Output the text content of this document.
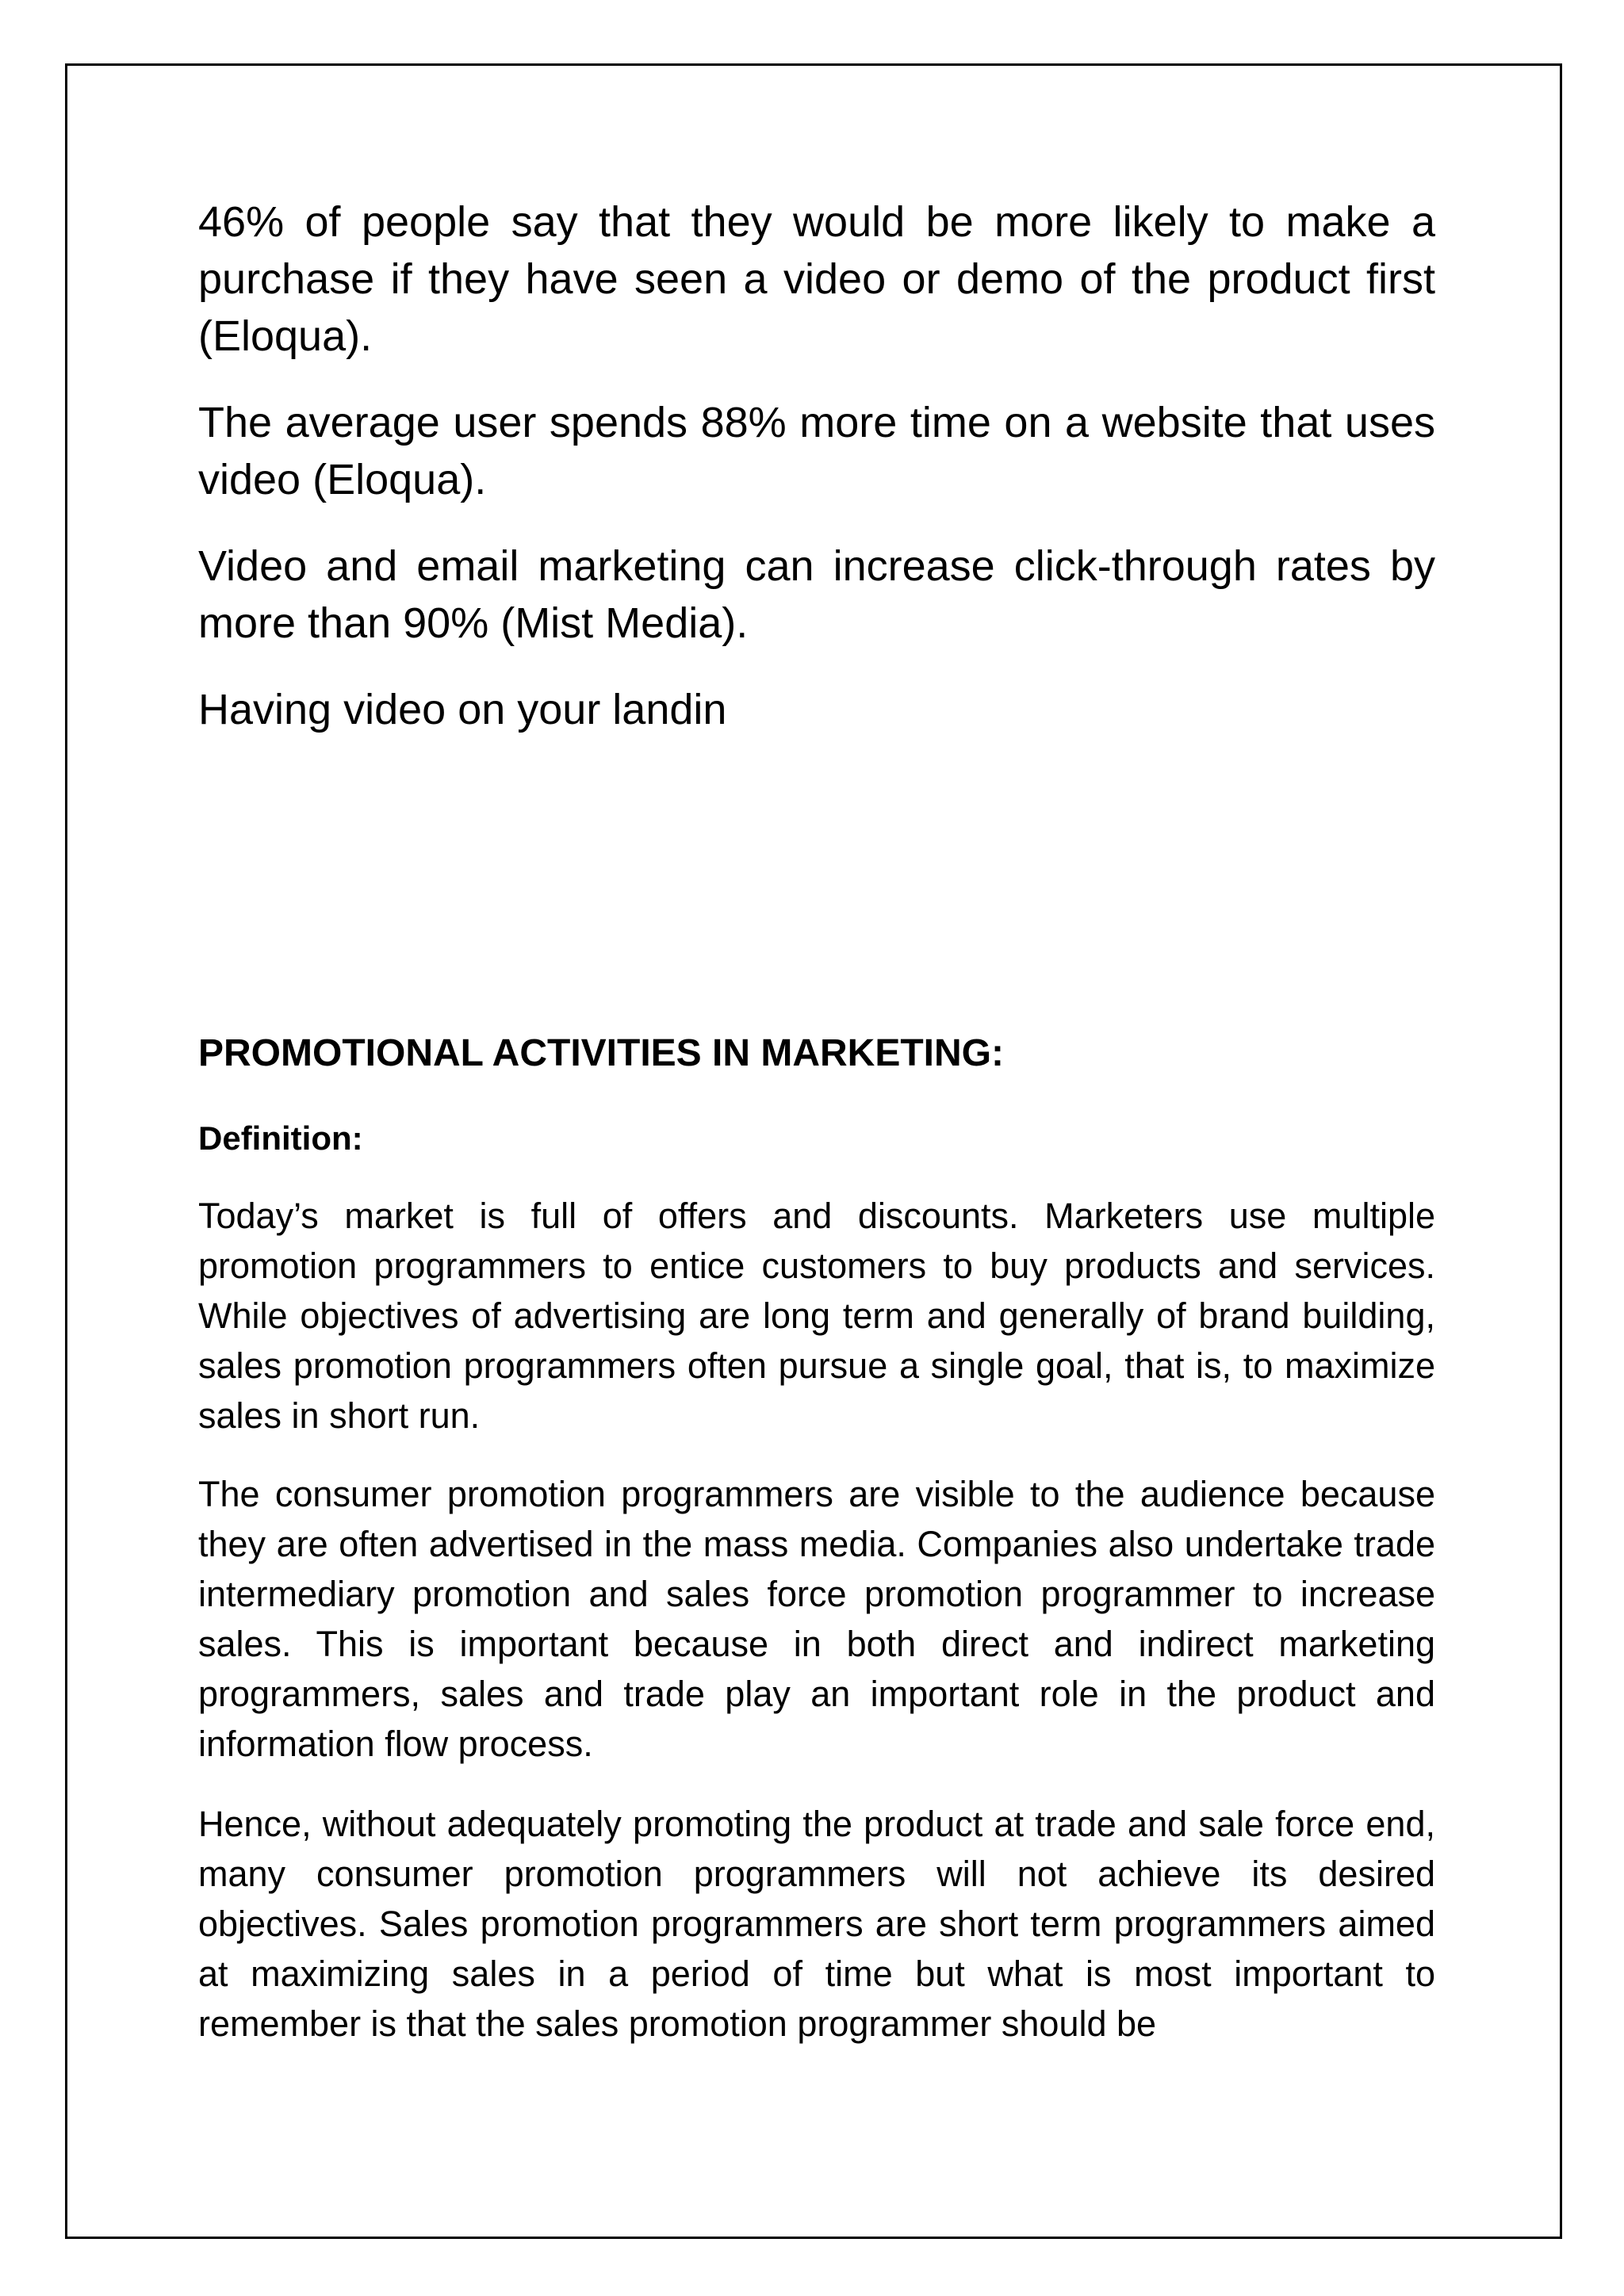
46% of people say that they would be more likely to make a purchase if they have seen a video or demo of the product first (Eloqua).

The average user spends 88% more time on a website that uses video (Eloqua).

Video and email marketing can increase click-through rates by more than 90% (Mist Media).

Having video on your landin

PROMOTIONAL ACTIVITIES IN MARKETING:
Definition:

Today’s market is full of offers and discounts. Marketers use multiple promotion programmers to entice customers to buy products and services. While objectives of advertising are long term and generally of brand building, sales promotion programmers often pursue a single goal, that is, to maximize sales in short run.

The consumer promotion programmers are visible to the audience because they are often advertised in the mass media. Companies also undertake trade intermediary promotion and sales force promotion programmer to increase sales. This is important because in both direct and indirect marketing programmers, sales and trade play an important role in the product and information flow process.

Hence, without adequately promoting the product at trade and sale force end, many consumer promotion programmers will not achieve its desired objectives. Sales promotion programmers are short term programmers aimed at maximizing sales in a period of time but what is most important to remember is that the sales promotion programmer should be
